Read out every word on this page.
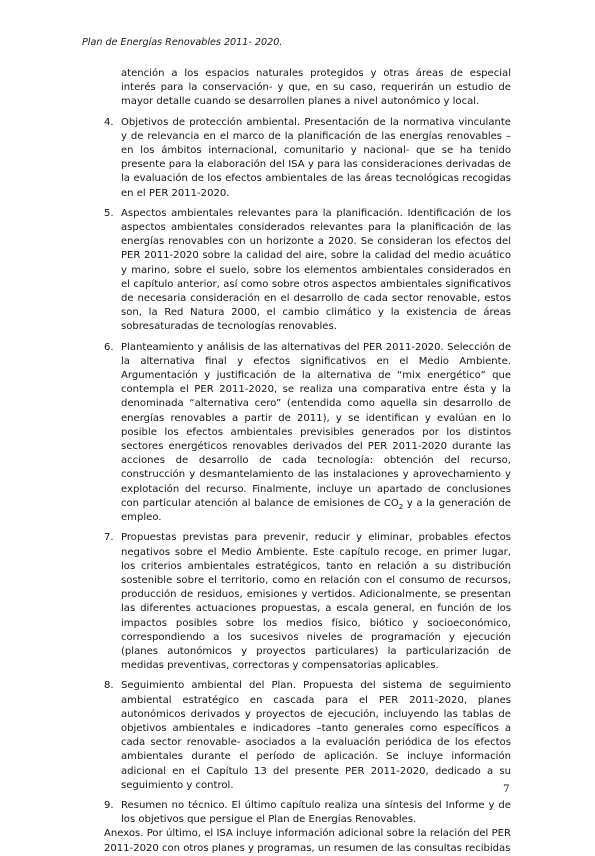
Plan de Energías Renovables 2011- 2020.

atención a los espacios naturales protegidos y otras áreas de especial interés para la conservación- y que, en su caso, requerirán un estudio de mayor detalle cuando se desarrollen planes a nivel autonómico y local.

4. Objetivos de protección ambiental. Presentación de la normativa vinculante y de relevancia en el marco de la planificación de las energías renovables –en los ámbitos internacional, comunitario y nacional- que se ha tenido presente para la elaboración del ISA y para las consideraciones derivadas de la evaluación de los efectos ambientales de las áreas tecnológicas recogidas en el PER 2011-2020.
5. Aspectos ambientales relevantes para la planificación. Identificación de los aspectos ambientales considerados relevantes para la planificación de las energías renovables con un horizonte a 2020. Se consideran los efectos del PER 2011-2020 sobre la calidad del aire, sobre la calidad del medio acuático y marino, sobre el suelo, sobre los elementos ambientales considerados en el capítulo anterior, así como sobre otros aspectos ambientales significativos de necesaria consideración en el desarrollo de cada sector renovable, estos son, la Red Natura 2000, el cambio climático y la existencia de áreas sobresaturadas de tecnologías renovables.
6. Planteamiento y análisis de las alternativas del PER 2011-2020. Selección de la alternativa final y efectos significativos en el Medio Ambiente. Argumentación y justificación de la alternativa de “mix energético” que contempla el PER 2011-2020, se realiza una comparativa entre ésta y la denominada “alternativa cero” (entendida como aquella sin desarrollo de energías renovables a partir de 2011), y se identifican y evalúan en lo posible los efectos ambientales previsibles generados por los distintos sectores energéticos renovables derivados del PER 2011-2020 durante las acciones de desarrollo de cada tecnología: obtención del recurso, construcción y desmantelamiento de las instalaciones y aprovechamiento y explotación del recurso. Finalmente, incluye un apartado de conclusiones con particular atención al balance de emisiones de $CO_2$ y a la generación de empleo.
7. Propuestas previstas para prevenir, reducir y eliminar, probables efectos negativos sobre el Medio Ambiente. Este capítulo recoge, en primer lugar, los criterios ambientales estratégicos, tanto en relación a su distribución sostenible sobre el territorio, como en relación con el consumo de recursos, producción de residuos, emisiones y vertidos. Adicionalmente, se presentan las diferentes actuaciones propuestas, a escala general, en función de los impactos posibles sobre los medios físico, biótico y socioeconómico, correspondiendo a los sucesivos niveles de programación y ejecución (planes autonómicos y proyectos particulares) la particularización de medidas preventivas, correctoras y compensatorias aplicables.
8. Seguimiento ambiental del Plan. Propuesta del sistema de seguimiento ambiental estratégico en cascada para el PER 2011-2020, planes autonómicos derivados y proyectos de ejecución, incluyendo las tablas de objetivos ambientales e indicadores –tanto generales como específicos a cada sector renovable- asociados a la evaluación periódica de los efectos ambientales durante el período de aplicación. Se incluye información adicional en el Capítulo 13 del presente PER 2011-2020, dedicado a su seguimiento y control.
9. Resumen no técnico. El último capítulo realiza una síntesis del Informe y de los objetivos que persigue el Plan de Energías Renovables.

Anexos. Por último, el ISA incluye información adicional sobre la relación del PER 2011-2020 con otros planes y programas, un resumen de las consultas recibidas

7
